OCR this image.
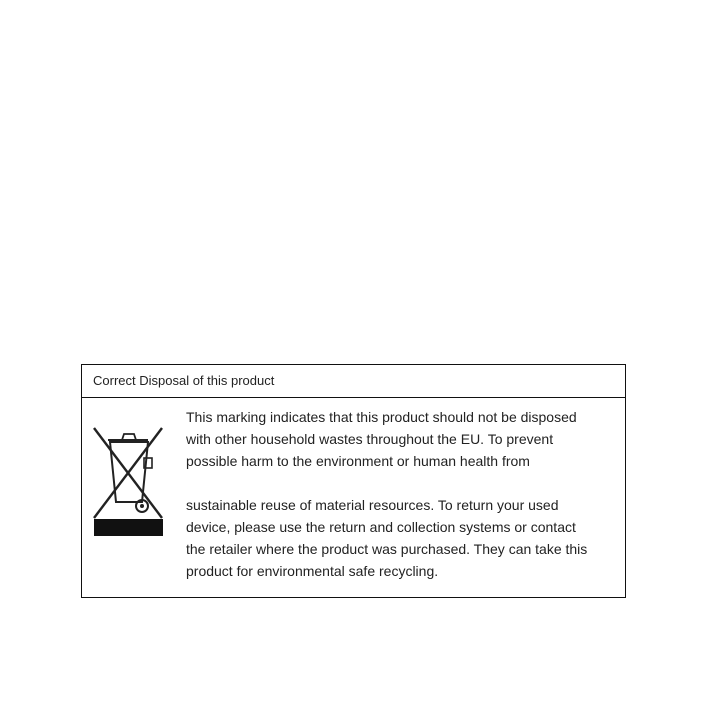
Correct Disposal of this product
This marking indicates that this product should not be disposed
with other household wastes throughout the EU. To prevent
possible harm to the environment or human health from
sustainable reuse of material resources. To return your used
device, please use the return and collection systems or contact
the retailer where the product was purchased. They can take this
product for environmental safe recycling.
